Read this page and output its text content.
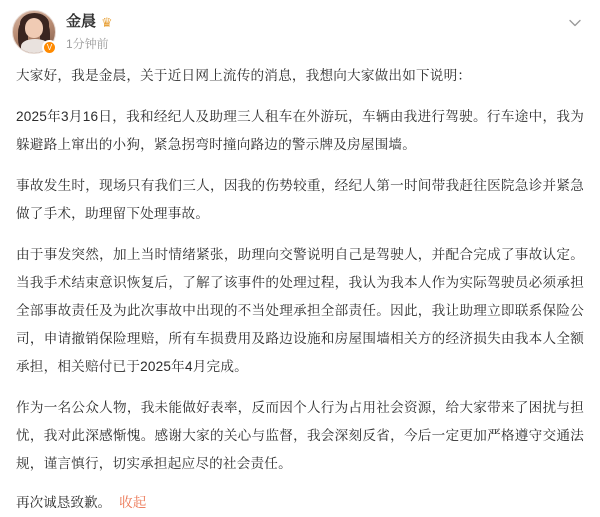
V
金晨 ♛
1分钟前

大家好，我是金晨，关于近日网上流传的消息，我想向大家做出如下说明：

2025年3月16日，我和经纪人及助理三人租车在外游玩，车辆由我进行驾驶。行车途中，我为躲避路上窜出的小狗，紧急拐弯时撞向路边的警示牌及房屋围墙。

事故发生时，现场只有我们三人，因我的伤势较重，经纪人第一时间带我赶往医院急诊并紧急做了手术，助理留下处理事故。

由于事发突然，加上当时情绪紧张，助理向交警说明自己是驾驶人，并配合完成了事故认定。当我手术结束意识恢复后，了解了该事件的处理过程，我认为我本人作为实际驾驶员必须承担全部事故责任及为此次事故中出现的不当处理承担全部责任。因此，我让助理立即联系保险公司，申请撤销保险理赔，所有车损费用及路边设施和房屋围墙相关方的经济损失由我本人全额承担，相关赔付已于2025年4月完成。

作为一名公众人物，我未能做好表率，反而因个人行为占用社会资源，给大家带来了困扰与担忧，我对此深感惭愧。感谢大家的关心与监督，我会深刻反省，今后一定更加严格遵守交通法规，谨言慎行，切实承担起应尽的社会责任。

再次诚恳致歉。 收起
